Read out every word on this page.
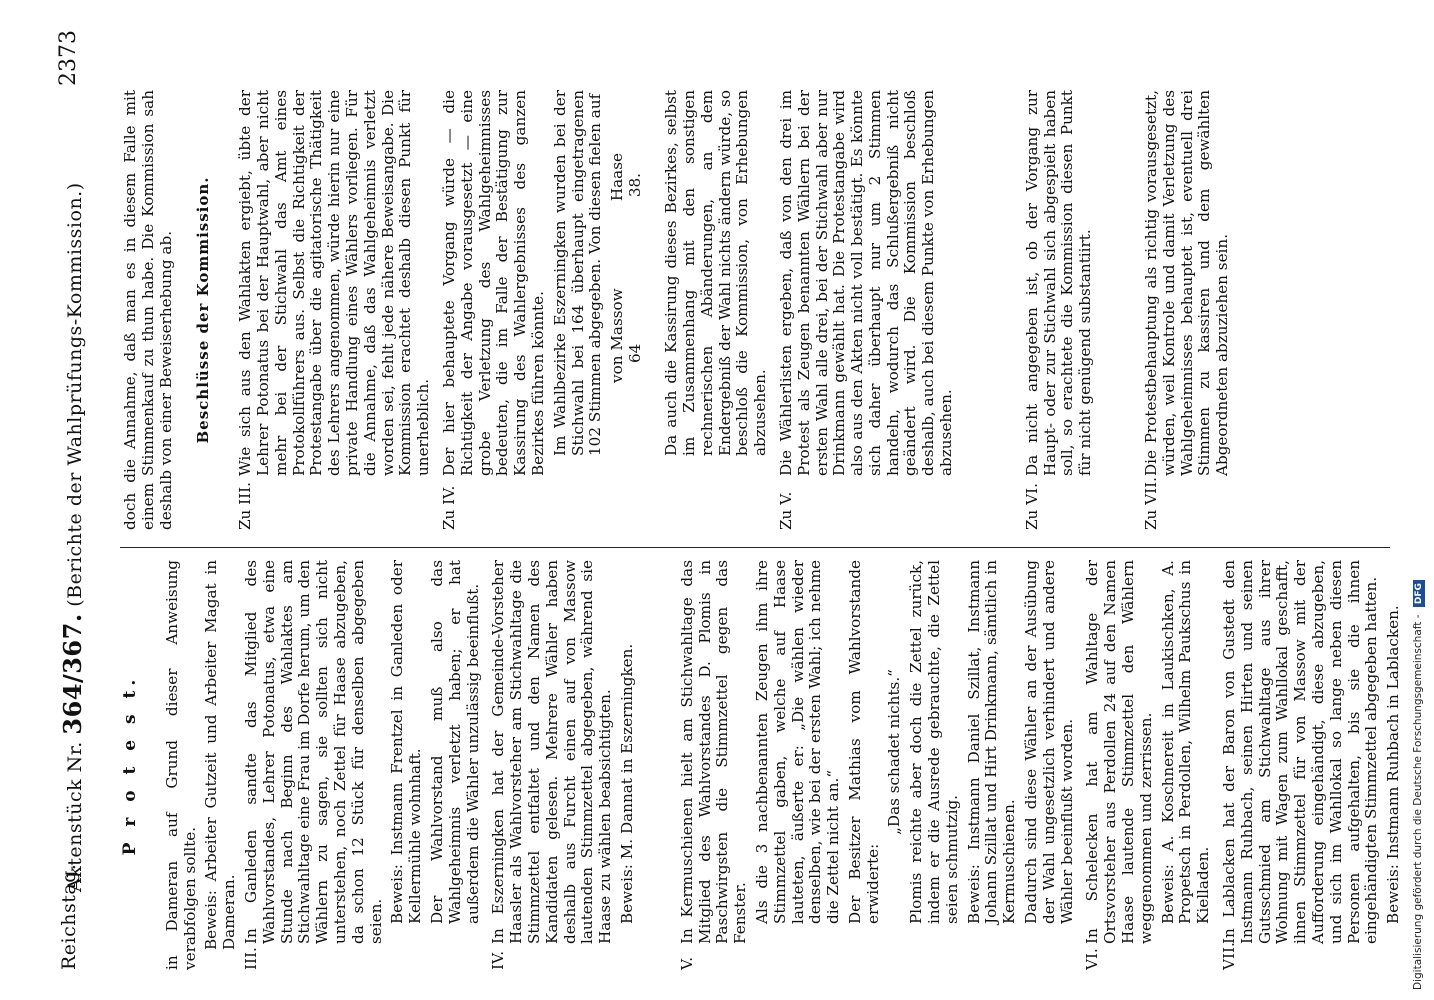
Reichstag.
Aktenstück Nr. 364/367. (Berichte der Wahlprüfungs-Kommission.)
2373
P r o t e s t. in Dameran auf Grund dieser Anweisung verabfolgen sollte. Beweis: Arbeiter Gutzeit und Arbeiter Magat in Dameran.

III.

In Ganleden sandte das Mitglied des Wahlvorstandes, Lehrer Potonatus, etwa eine Stunde nach Beginn des Wahlaktes am Stichwahltage eine Frau im Dorfe herum, um den Wählern zu sagen, sie sollten sich nicht unterstehen, noch Zettel für Haase abzugeben, da schon 12 Stück für denselben abgegeben seien. Beweis: Instmann Frentzel in Ganleden oder Kellermühle wohnhaft. Der Wahlvorstand muß also das Wahlgeheimnis verletzt haben; er hat außerdem die Wähler unzulässig beeinflußt.

IV.

In Eszerningken hat der Gemeinde-Vorsteher Haasler als Wahlvorsteher am Stichwahltage die Stimmzettel entfaltet und den Namen des Kandidaten gelesen. Mehrere Wähler haben deshalb aus Furcht einen auf von Massow lautenden Stimmzettel abgegeben, während sie Haase zu wählen beabsichtigten. Beweis: M. Dannat in Eszerningken.

V.

In Kermuschienen hielt am Stichwahltage das Mitglied des Wahlvorstandes D. Plomis in Paschwirgsten die Stimmzettel gegen das Fenster. Als die 3 nachbenannten Zeugen ihm ihre Stimmzettel gaben, welche auf Haase lauteten, äußerte er: „Die wählen wieder denselben, wie bei der ersten Wahl; ich nehme die Zettel nicht an.“ Der Besitzer Mathias vom Wahlvorstande erwiderte:

„Das schadet nichts.“ Plomis reichte aber doch die Zettel zurück, indem er die Ausrede gebrauchte, die Zettel seien schmutzig. Beweis: Instmann Daniel Szillat, Instmann Johann Szillat und Hirt Drinkmann, sämtlich in Kermuschienen. Dadurch sind diese Wähler an der Ausübung der Wahl ungesetzlich verhindert und andere Wähler beeinflußt worden.

VI.

In Schelecken hat am Wahltage der Ortsvorsteher aus Perdollen 24 auf den Namen Haase lautende Stimmzettel den Wählern weggenommen und zerrissen. Beweis: A. Koschnereit in Laukischken, A. Propetsch in Perdollen, Wilhelm Paukschus in Kielladen.

VII.

In Lablacken hat der Baron von Gustedt den Instmann Ruhbach, seinen Hirten und seinen Gutsschmied am Stichwahltage aus ihrer Wohnung mit Wagen zum Wahllokal geschafft, ihnen Stimmzettel für von Massow mit der Aufforderung eingehändigt, diese abzugeben, und sich im Wahllokal so lange neben diesen Personen aufgehalten, bis sie die ihnen eingehändigten Stimmzettel abgegeben hatten. Beweis: Instmann Ruhbach in Lablacken.

doch die Annahme, daß man es in diesem Falle mit einem Stimmenkauf zu thun habe. Die Kommission sah deshalb von einer Beweiserhebung ab. Beschlüsse der Kommission.
Zu III.

Wie sich aus den Wahlakten ergiebt, übte der Lehrer Potonatus bei der Hauptwahl, aber nicht mehr bei der Stichwahl das Amt eines Protokollführers aus. Selbst die Richtigkeit der Protestangabe über die agitatorische Thätigkeit des Lehrers angenommen, würde hierin nur eine private Handlung eines Wählers vorliegen. Für die Annahme, daß das Wahlgeheimnis verletzt worden sei, fehlt jede nähere Beweisangabe. Die Kommission erachtet deshalb diesen Punkt für unerheblich.

Zu IV.

Der hier behauptete Vorgang würde — die Richtigkeit der Angabe vorausgesetzt — eine grobe Verletzung des Wahlgeheimnisses bedeuten, die im Falle der Bestätigung zur Kassirung des Wahlergebnisses des ganzen Bezirkes führen könnte. Im Wahlbezirke Eszerningken wurden bei der Stichwahl bei 164 überhaupt eingetragenen 102 Stimmen abgegeben. Von diesen fielen auf von Massow
Haase
64
38. Da auch die Kassirung dieses Bezirkes, selbst im Zusammenhang mit den sonstigen rechnerischen Abänderungen, an dem Endergebniß der Wahl nichts ändern würde, so beschloß die Kommission, von Erhebungen abzusehen.

Zu V.

Die Wählerlisten ergeben, daß von den drei im Protest als Zeugen benannten Wählern bei der ersten Wahl alle drei, bei der Stichwahl aber nur Drinkmann gewählt hat. Die Protestangabe wird also aus den Akten nicht voll bestätigt. Es könnte sich daher überhaupt nur um 2 Stimmen handeln, wodurch das Schlußergebniß nicht geändert wird. Die Kommission beschloß deshalb, auch bei diesem Punkte von Erhebungen abzusehen.

Zu VI.

Da nicht angegeben ist, ob der Vorgang zur Haupt- oder zur Stichwahl sich abgespielt haben soll, so erachtete die Kommission diesen Punkt für nicht genügend substantiirt.

Zu VII.

Die Protestbehauptung als richtig vorausgesetzt, würden, weil Kontrole und damit Verletzung des Wahlgeheimnisses behauptet ist, eventuell drei Stimmen zu kassiren und dem gewählten Abgeordneten abzuziehen sein.

Digitalisierung gefördert durch die Deutsche Forschungsgemeinschaft - DFG
